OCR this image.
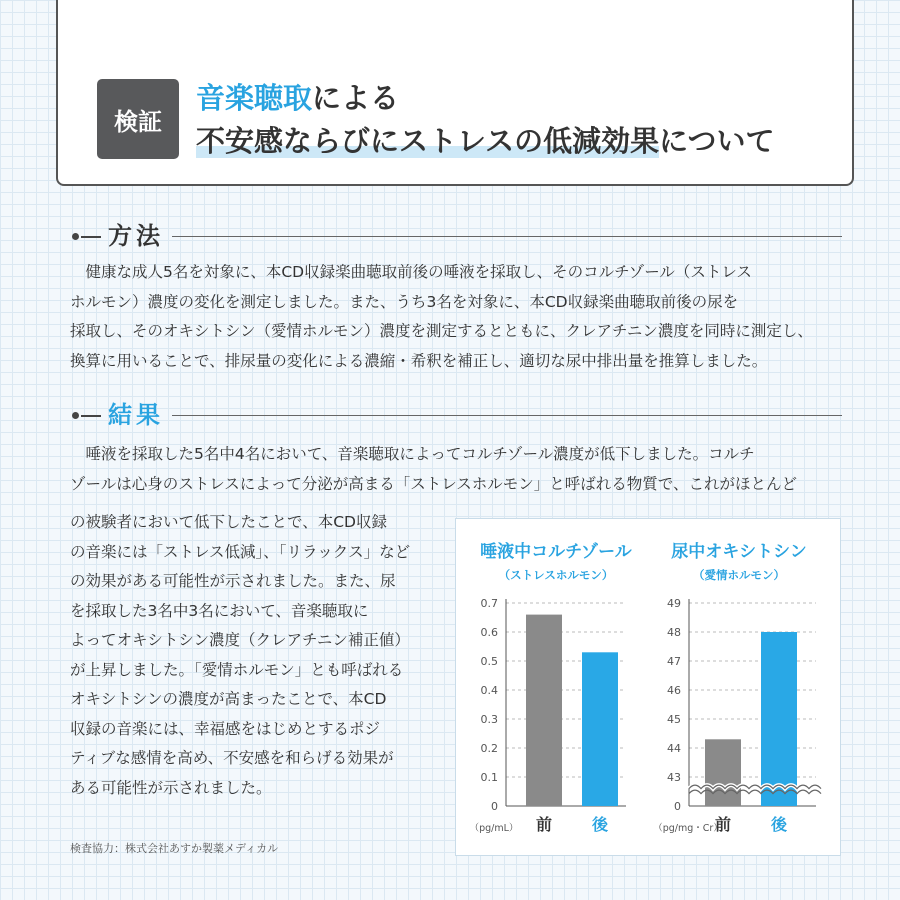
検証
音楽聴取による
不安感ならびにストレスの低減効果について
方法
　健康な成人5名を対象に、本CD収録楽曲聴取前後の唾液を採取し、そのコルチゾール（ストレス
ホルモン）濃度の変化を測定しました。また、うち3名を対象に、本CD収録楽曲聴取前後の尿を
採取し、そのオキシトシン（愛情ホルモン）濃度を測定するとともに、クレアチニン濃度を同時に測定し、
換算に用いることで、排尿量の変化による濃縮・希釈を補正し、適切な尿中排出量を推算しました。
結果
　唾液を採取した5名中4名において、音楽聴取によってコルチゾール濃度が低下しました。コルチ
ゾールは心身のストレスによって分泌が高まる「ストレスホルモン」と呼ばれる物質で、これがほとんど
の被験者において低下したことで、本CD収録
の音楽には「ストレス低減」、「リラックス」など
の効果がある可能性が示されました。また、尿
を採取した3名中3名において、音楽聴取に
よってオキシトシン濃度（クレアチニン補正値）
が上昇しました。「愛情ホルモン」とも呼ばれる
オキシトシンの濃度が高まったことで、本CD
収録の音楽には、幸福感をはじめとするポジ
ティブな感情を高め、不安感を和らげる効果が
ある可能性が示されました。
検査協力：株式会社あすか製薬メディカル
唾液中コルチゾール
（ストレスホルモン）
0
0.1
0.2
0.3
0.4
0.5
0.6
0.7
前 後
（pg/mL）
尿中オキシトシン
（愛情ホルモン）
0
43
44
45
46
47
48
49
前 後
（pg/mg・Cr）
